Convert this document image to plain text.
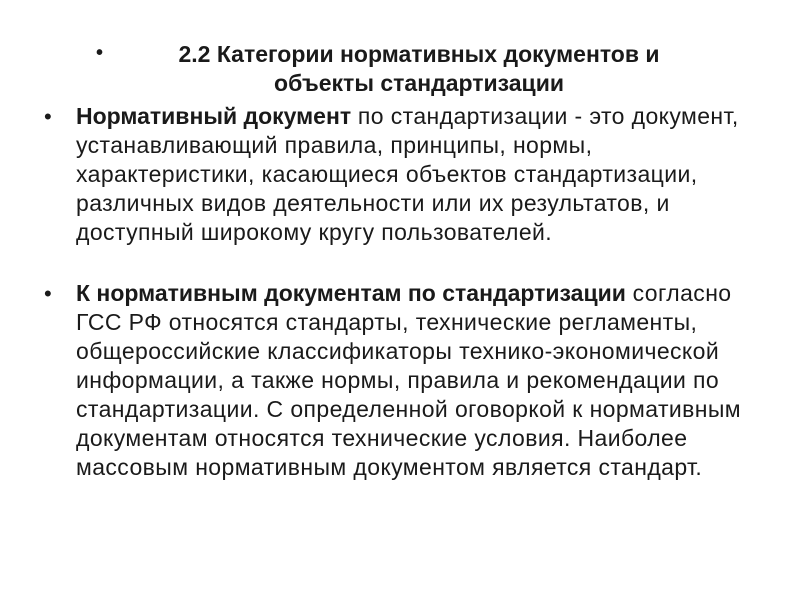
•	2.2 Категории нормативных документов и
объекты стандартизации

• Нормативный документ по стандартизации - это документ, устанавливающий правила, принципы, нормы, характеристики, касающиеся объектов стандартизации, различных видов деятельности или их результатов, и доступный широкому кругу пользователей.

• К нормативным документам по стандартизации согласно ГСС РФ относятся стандарты, технические регламенты, общероссийские классификаторы технико-экономической информации, а также нормы, правила и рекомендации по стандартизации. С определенной оговоркой к нормативным документам относятся технические условия. Наиболее массовым нормативным документом является стандарт.
